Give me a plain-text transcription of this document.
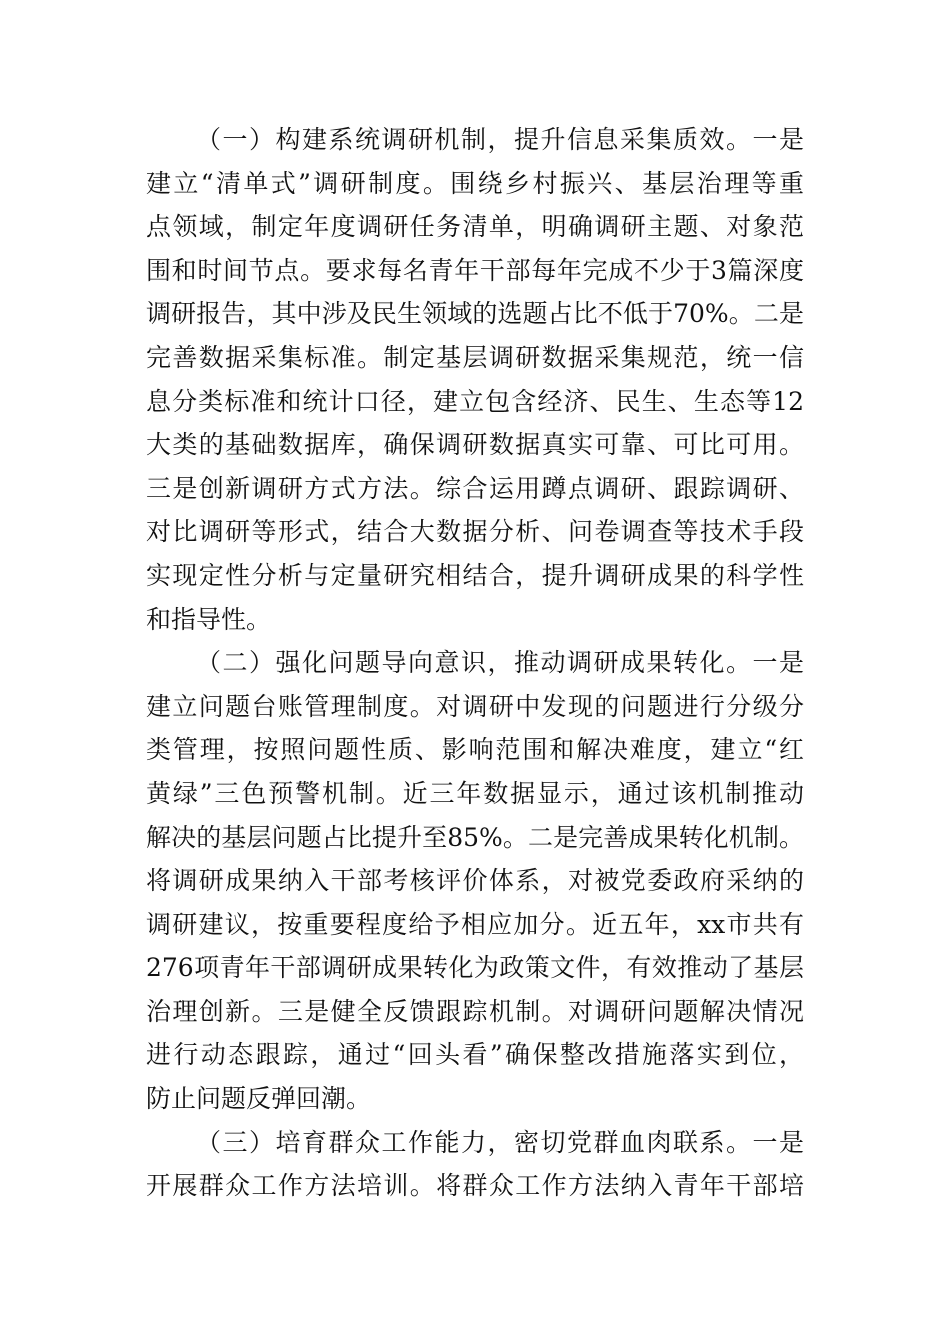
（一）构建系统调研机制，提升信息采集质效。一是
建立“清单式”调研制度。围绕乡村振兴、基层治理等重
点领域，制定年度调研任务清单，明确调研主题、对象范
围和时间节点。要求每名青年干部每年完成不少于3篇深度
调研报告，其中涉及民生领域的选题占比不低于70%。二是
完善数据采集标准。制定基层调研数据采集规范，统一信
息分类标准和统计口径，建立包含经济、民生、生态等12
大类的基础数据库，确保调研数据真实可靠、可比可用。
三是创新调研方式方法。综合运用蹲点调研、跟踪调研、
对比调研等形式，结合大数据分析、问卷调查等技术手段
实现定性分析与定量研究相结合，提升调研成果的科学性
和指导性。
（二）强化问题导向意识，推动调研成果转化。一是
建立问题台账管理制度。对调研中发现的问题进行分级分
类管理，按照问题性质、影响范围和解决难度，建立“红
黄绿”三色预警机制。近三年数据显示，通过该机制推动
解决的基层问题占比提升至85%。二是完善成果转化机制。
将调研成果纳入干部考核评价体系，对被党委政府采纳的
调研建议，按重要程度给予相应加分。近五年，xx市共有
276项青年干部调研成果转化为政策文件，有效推动了基层
治理创新。三是健全反馈跟踪机制。对调研问题解决情况
进行动态跟踪，通过“回头看”确保整改措施落实到位，
防止问题反弹回潮。
（三）培育群众工作能力，密切党群血肉联系。一是
开展群众工作方法培训。将群众工作方法纳入青年干部培
